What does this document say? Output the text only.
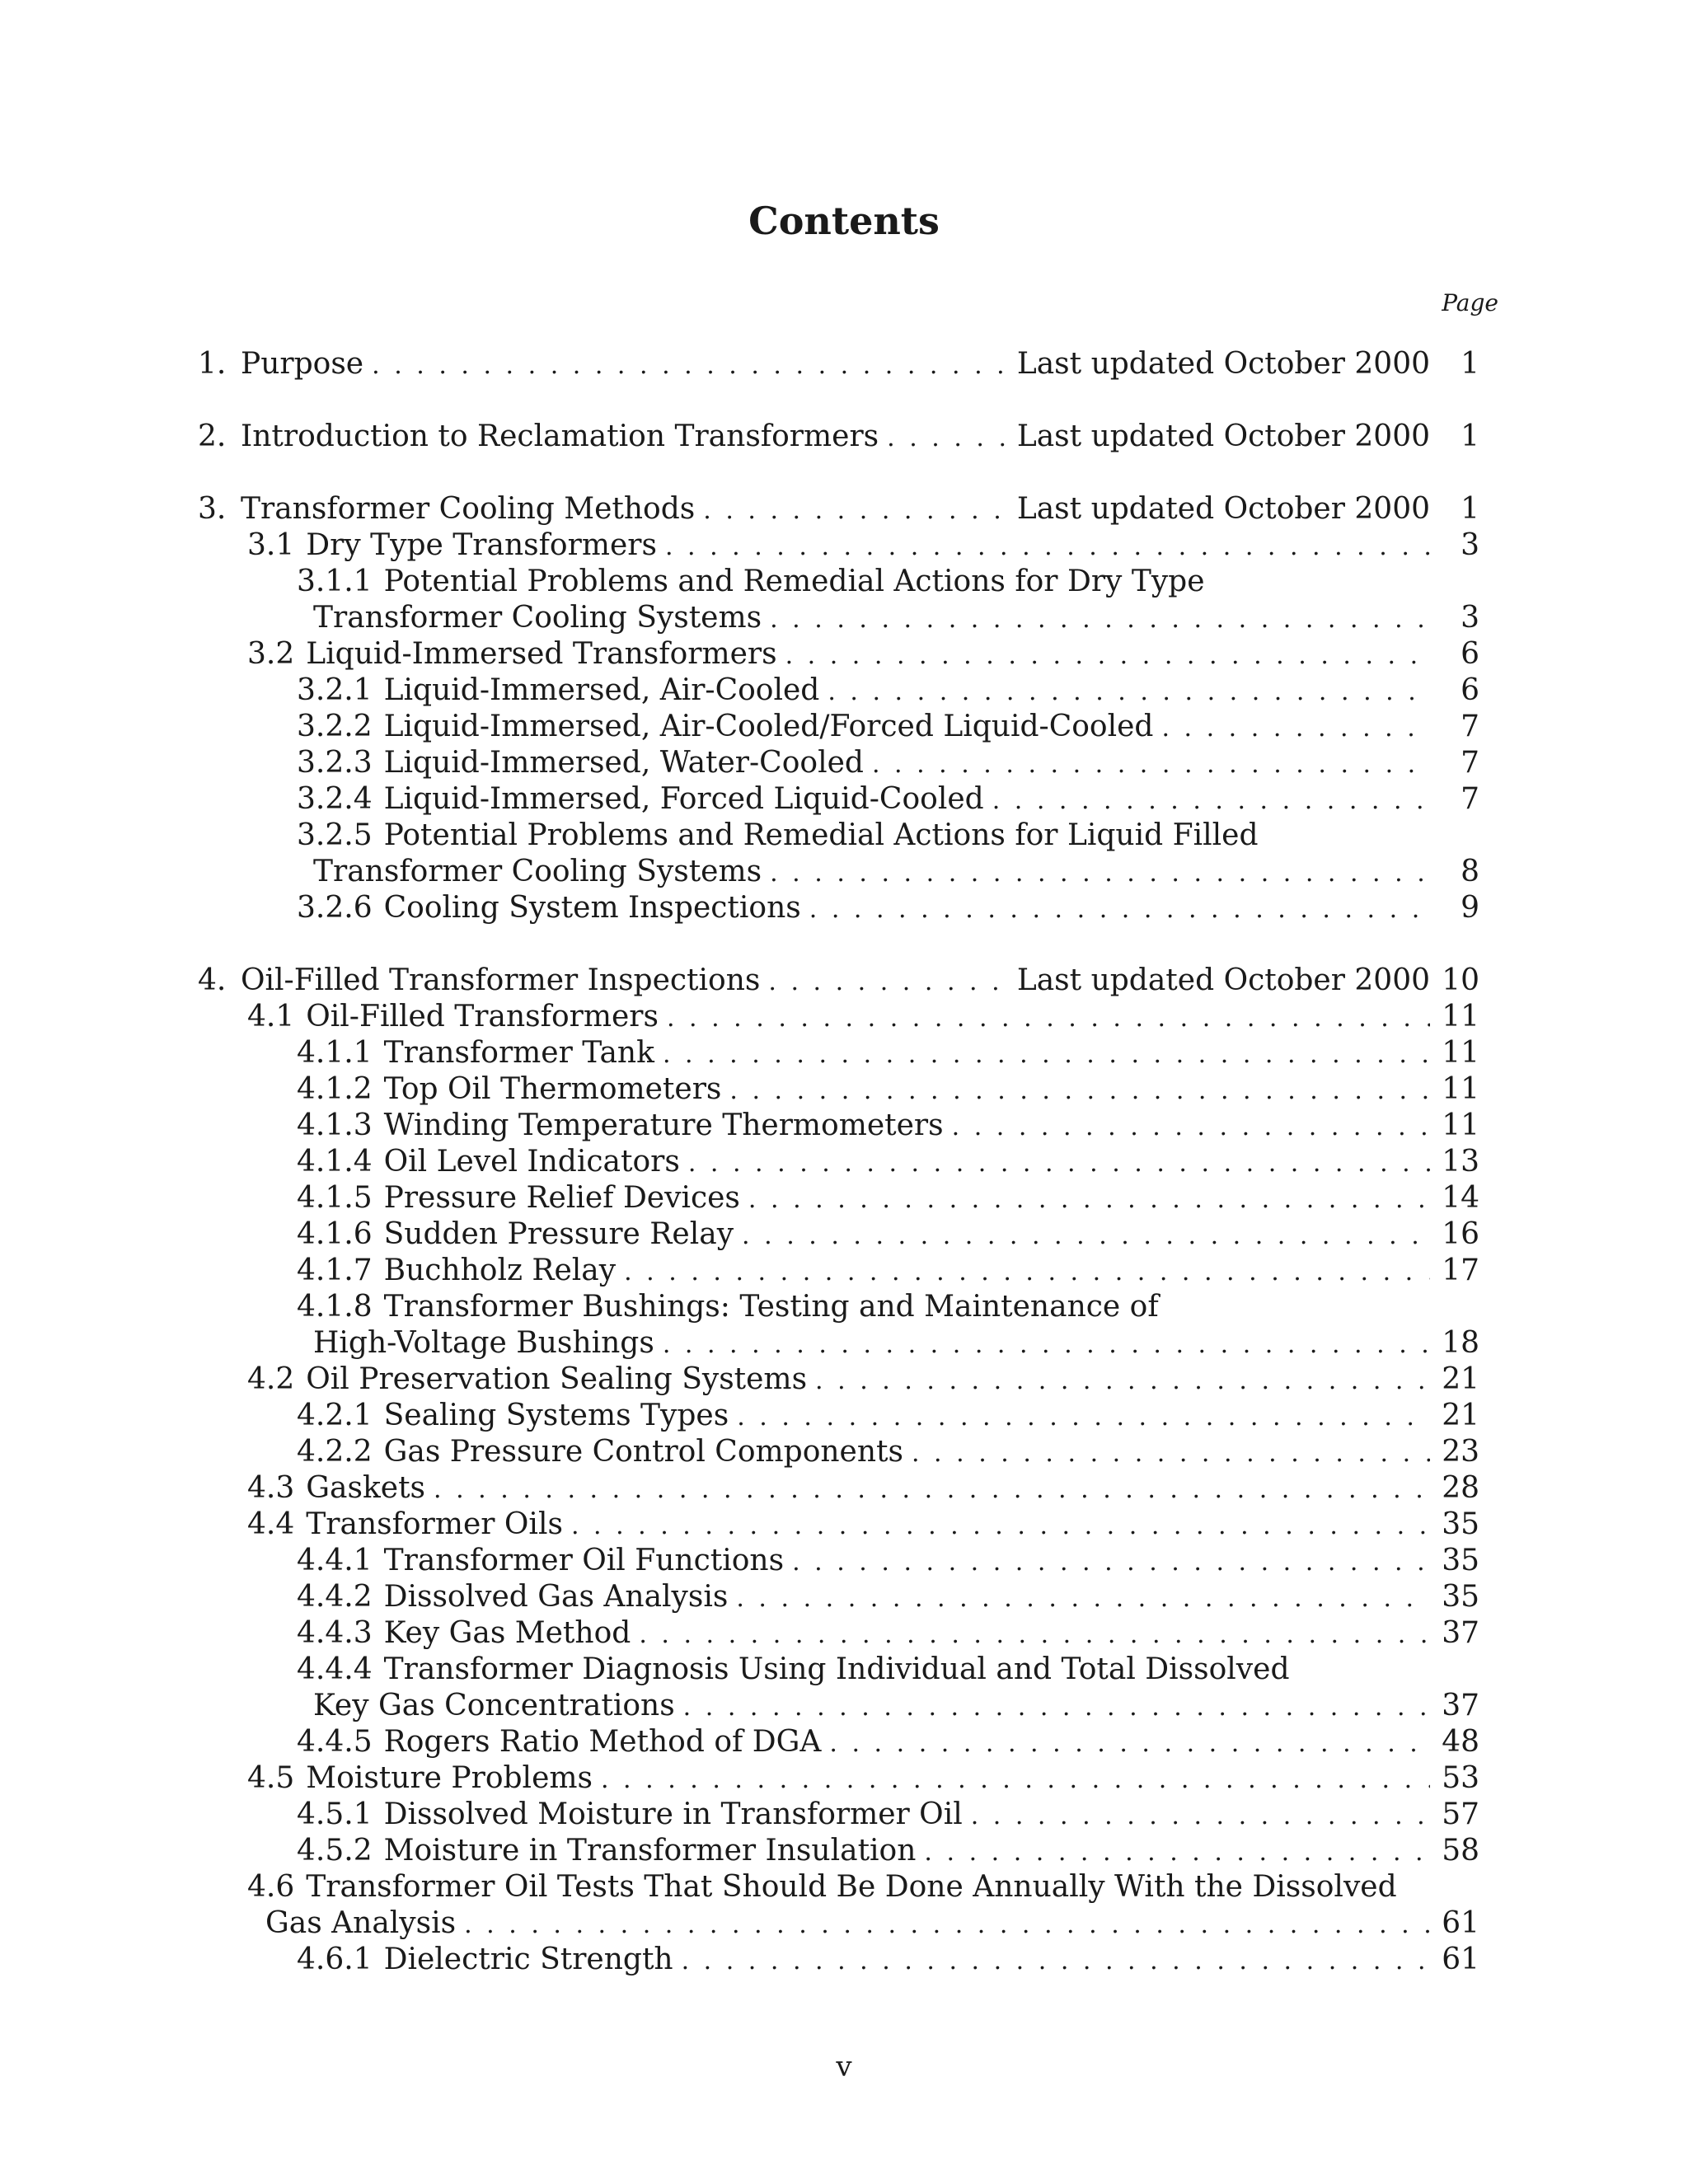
Contents
Page
1. Purpose . . .	Last updated October 2000	1
2. Introduction to Reclamation Transformers . . .	Last updated October 2000	1
3. Transformer Cooling Methods . . .	Last updated October 2000	1
3.1 Dry Type Transformers . . .	3
3.1.1 Potential Problems and Remedial Actions for Dry Type
Transformer Cooling Systems . . .	3
3.2 Liquid-Immersed Transformers . . .	6
3.2.1 Liquid-Immersed, Air-Cooled . . .	6
3.2.2 Liquid-Immersed, Air-Cooled/Forced Liquid-Cooled . . .	7
3.2.3 Liquid-Immersed, Water-Cooled . . .	7
3.2.4 Liquid-Immersed, Forced Liquid-Cooled . . .	7
3.2.5 Potential Problems and Remedial Actions for Liquid Filled
Transformer Cooling Systems . . .	8
3.2.6 Cooling System Inspections . . .	9
4. Oil-Filled Transformer Inspections . . .	Last updated October 2000 10
4.1 Oil-Filled Transformers . . .	11
4.1.1 Transformer Tank . . .	11
4.1.2 Top Oil Thermometers . . .	11
4.1.3 Winding Temperature Thermometers . . .	11
4.1.4 Oil Level Indicators . . .	13
4.1.5 Pressure Relief Devices . . .	14
4.1.6 Sudden Pressure Relay . . .	16
4.1.7 Buchholz Relay . . .	17
4.1.8 Transformer Bushings: Testing and Maintenance of
High-Voltage Bushings . . .	18
4.2 Oil Preservation Sealing Systems . . .	21
4.2.1 Sealing Systems Types . . .	21
4.2.2 Gas Pressure Control Components . . .	23
4.3 Gaskets . . .	28
4.4 Transformer Oils . . .	35
4.4.1 Transformer Oil Functions . . .	35
4.4.2 Dissolved Gas Analysis . . .	35
4.4.3 Key Gas Method . . .	37
4.4.4 Transformer Diagnosis Using Individual and Total Dissolved
Key Gas Concentrations . . .	37
4.4.5 Rogers Ratio Method of DGA . . .	48
4.5 Moisture Problems . . .	53
4.5.1 Dissolved Moisture in Transformer Oil . . .	57
4.5.2 Moisture in Transformer Insulation . . .	58
4.6 Transformer Oil Tests That Should Be Done Annually With the Dissolved
Gas Analysis . . .	61
4.6.1 Dielectric Strength . . .	61
v
